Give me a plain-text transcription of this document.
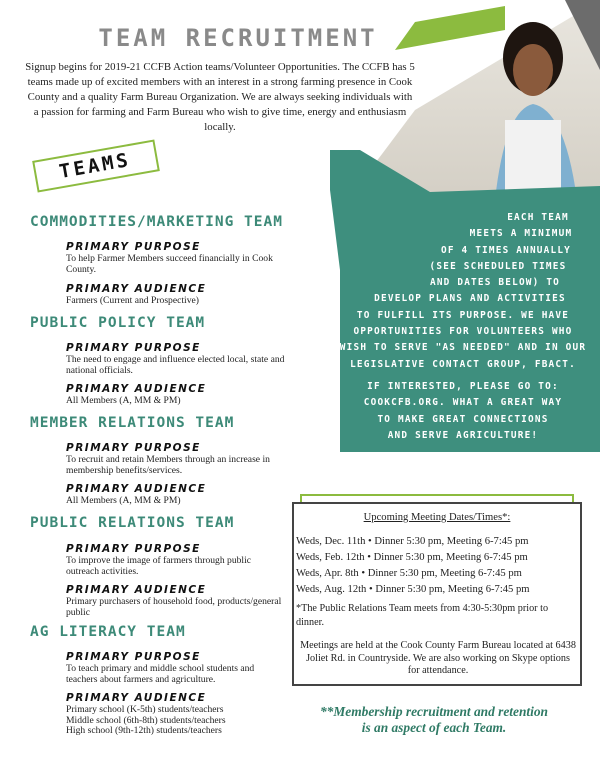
TEAM RECRUITMENT
Signup begins for 2019-21 CCFB Action teams/Volunteer Opportunities. The CCFB has 5 teams made up of excited members with an interest in a strong farming presence in Cook County and a quality Farm Bureau Organization. We are always seeking individuals with a passion for farming and Farm Bureau who wish to give time, energy and enthusiasm locally.
EACH TEAM
MEETS A MINIMUM
OF 4 TIMES ANNUALLY
(SEE SCHEDULED TIMES
AND DATES BELOW) TO
DEVELOP PLANS AND ACTIVITIES
TO FULFILL ITS PURPOSE. WE HAVE
OPPORTUNITIES FOR VOLUNTEERS WHO
WISH TO SERVE "AS NEEDED" AND IN OUR
LEGISLATIVE CONTACT GROUP, FBACT.
IF INTERESTED, PLEASE GO TO:
COOKCFB.ORG. WHAT A GREAT WAY
TO MAKE GREAT CONNECTIONS
AND SERVE AGRICULTURE!
TEAMS
COMMODITIES/MARKETING TEAM
PRIMARY PURPOSE
To help Farmer Members succeed financially in Cook County.
PRIMARY AUDIENCE
Farmers (Current and Prospective)
PUBLIC POLICY TEAM
PRIMARY PURPOSE
The need to engage and influence elected local, state and national officials.
PRIMARY AUDIENCE
All Members (A, MM & PM)
MEMBER RELATIONS TEAM
PRIMARY PURPOSE
To recruit and retain Members through an increase in membership benefits/services.
PRIMARY AUDIENCE
All Members (A, MM & PM)
PUBLIC RELATIONS TEAM
PRIMARY PURPOSE
To improve the image of farmers through public outreach activities.
PRIMARY AUDIENCE
Primary purchasers of household food, products/general public
AG LITERACY TEAM
PRIMARY PURPOSE
To teach primary and middle school students and teachers about farmers and agriculture.
PRIMARY AUDIENCE
Primary school (K-5th) students/teachers
Middle school (6th-8th) students/teachers
High school (9th-12th) students/teachers
Upcoming Meeting Dates/Times*:
Weds, Dec. 11th • Dinner 5:30 pm, Meeting 6-7:45 pm
Weds, Feb. 12th • Dinner 5:30 pm, Meeting 6-7:45 pm
Weds, Apr. 8th • Dinner 5:30 pm, Meeting 6-7:45 pm
Weds, Aug. 12th • Dinner 5:30 pm, Meeting 6-7:45 pm
*The Public Relations Team meets from 4:30-5:30pm prior to dinner.
Meetings are held at the Cook County Farm Bureau located at 6438 Joliet Rd. in Countryside. We are also working on Skype options for attendance.
**Membership recruitment and retention
is an aspect of each Team.
